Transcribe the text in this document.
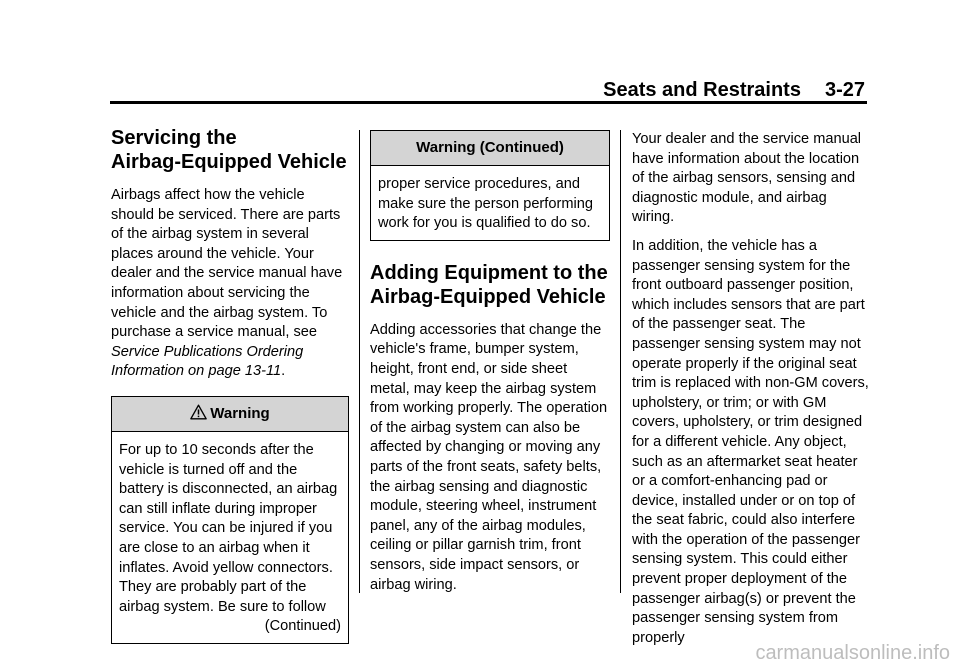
Seats and Restraints 3-27
Servicing the
Airbag-Equipped Vehicle

Airbags affect how the vehicle should be serviced. There are parts of the airbag system in several places around the vehicle. Your dealer and the service manual have information about servicing the vehicle and the airbag system. To purchase a service manual, see Service Publications Ordering Information on page 13-11.

Warning
For up to 10 seconds after the vehicle is turned off and the battery is disconnected, an airbag can still inflate during improper service. You can be injured if you are close to an airbag when it inflates. Avoid yellow connectors. They are probably part of the airbag system. Be sure to follow
(Continued)
Warning (Continued)
proper service procedures, and make sure the person performing work for you is qualified to do so.
Adding Equipment to the
Airbag-Equipped Vehicle

Adding accessories that change the vehicle's frame, bumper system, height, front end, or side sheet metal, may keep the airbag system from working properly. The operation of the airbag system can also be affected by changing or moving any parts of the front seats, safety belts, the airbag sensing and diagnostic module, steering wheel, instrument panel, any of the airbag modules, ceiling or pillar garnish trim, front sensors, side impact sensors, or airbag wiring.

Your dealer and the service manual have information about the location of the airbag sensors, sensing and diagnostic module, and airbag wiring.

In addition, the vehicle has a passenger sensing system for the front outboard passenger position, which includes sensors that are part of the passenger seat. The passenger sensing system may not operate properly if the original seat trim is replaced with non-GM covers, upholstery, or trim; or with GM covers, upholstery, or trim designed for a different vehicle. Any object, such as an aftermarket seat heater or a comfort-enhancing pad or device, installed under or on top of the seat fabric, could also interfere with the operation of the passenger sensing system. This could either prevent proper deployment of the passenger airbag(s) or prevent the passenger sensing system from properly

carmanualsonline.info
